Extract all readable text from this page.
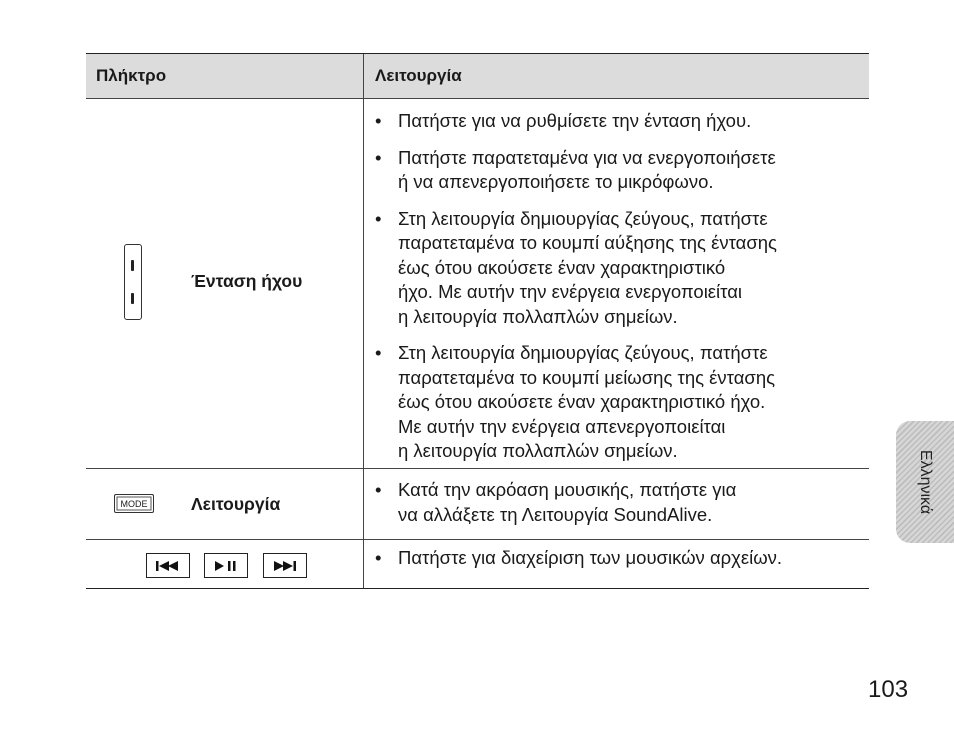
Πλήκτρο	Λειτουργία
Ένταση ήχου
• Πατήστε για να ρυθμίσετε την ένταση ήχου.
• Πατήστε παρατεταμένα για να ενεργοποιήσετε
ή να απενεργοποιήσετε το μικρόφωνο.
• Στη λειτουργία δημιουργίας ζεύγους, πατήστε
παρατεταμένα το κουμπί αύξησης της έντασης
έως ότου ακούσετε έναν χαρακτηριστικό
ήχο. Με αυτήν την ενέργεια ενεργοποιείται
η λειτουργία πολλαπλών σημείων.
• Στη λειτουργία δημιουργίας ζεύγους, πατήστε
παρατεταμένα το κουμπί μείωσης της έντασης
έως ότου ακούσετε έναν χαρακτηριστικό ήχο.
Με αυτήν την ενέργεια απενεργοποιείται
η λειτουργία πολλαπλών σημείων.
MODE	Λειτουργία
• Κατά την ακρόαση μουσικής, πατήστε για
να αλλάξετε τη Λειτουργία SoundAlive.
• Πατήστε για διαχείριση των μουσικών αρχείων.
Ελληνικά
103
